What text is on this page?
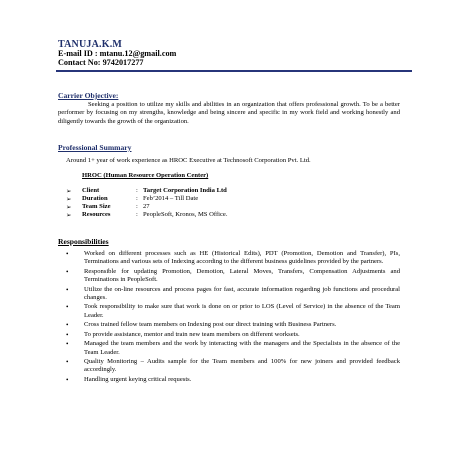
TANUJA.K.M
E-mail ID : mtanu.12@gmail.com
Contact No: 9742017277
Carrier Objective:
Seeking a position to utilize my skills and abilities in an organization that offers professional growth. To be a better performer by focusing on my strengths, knowledge and being sincere and specific in my work field and working honestly and diligently towards the growth of the organization.
Professional Summary
Around 1+ year of work experience as HROC Executive at Technosoft Corporation Pvt. Ltd.
HROC (Human Resource Operation Center)
➢	Client	: Target Corporation India Ltd
➢	Duration	: Feb’2014 – Till Date
➢	Team Size	: 27
➢	Resources	: PeopleSoft, Kronos, MS Office.
Responsibilities
• Worked on different processes such as HE (Historical Edits), PDT (Promotion, Demotion and Transfer), PIs, Terminations and various sets of Indexing according to the different business guidelines provided by the partners.
• Responsible for updating Promotion, Demotion, Lateral Moves, Transfers, Compensation Adjustments and Terminations in PeopleSoft.
• Utilize the on-line resources and process pages for fast, accurate information regarding job functions and procedural changes.
• Took responsibility to make sure that work is done on or prior to LOS (Level of Service) in the absence of the Team Leader.
• Cross trained fellow team members on Indexing post our direct training with Business Partners.
• To provide assistance, mentor and train new team members on different worksets.
• Managed the team members and the work by interacting with the managers and the Specialists in the absence of the Team Leader.
• Quality Monitoring – Audits sample for the Team members and 100% for new joiners and provided feedback accordingly.
• Handling urgent keying critical requests.
